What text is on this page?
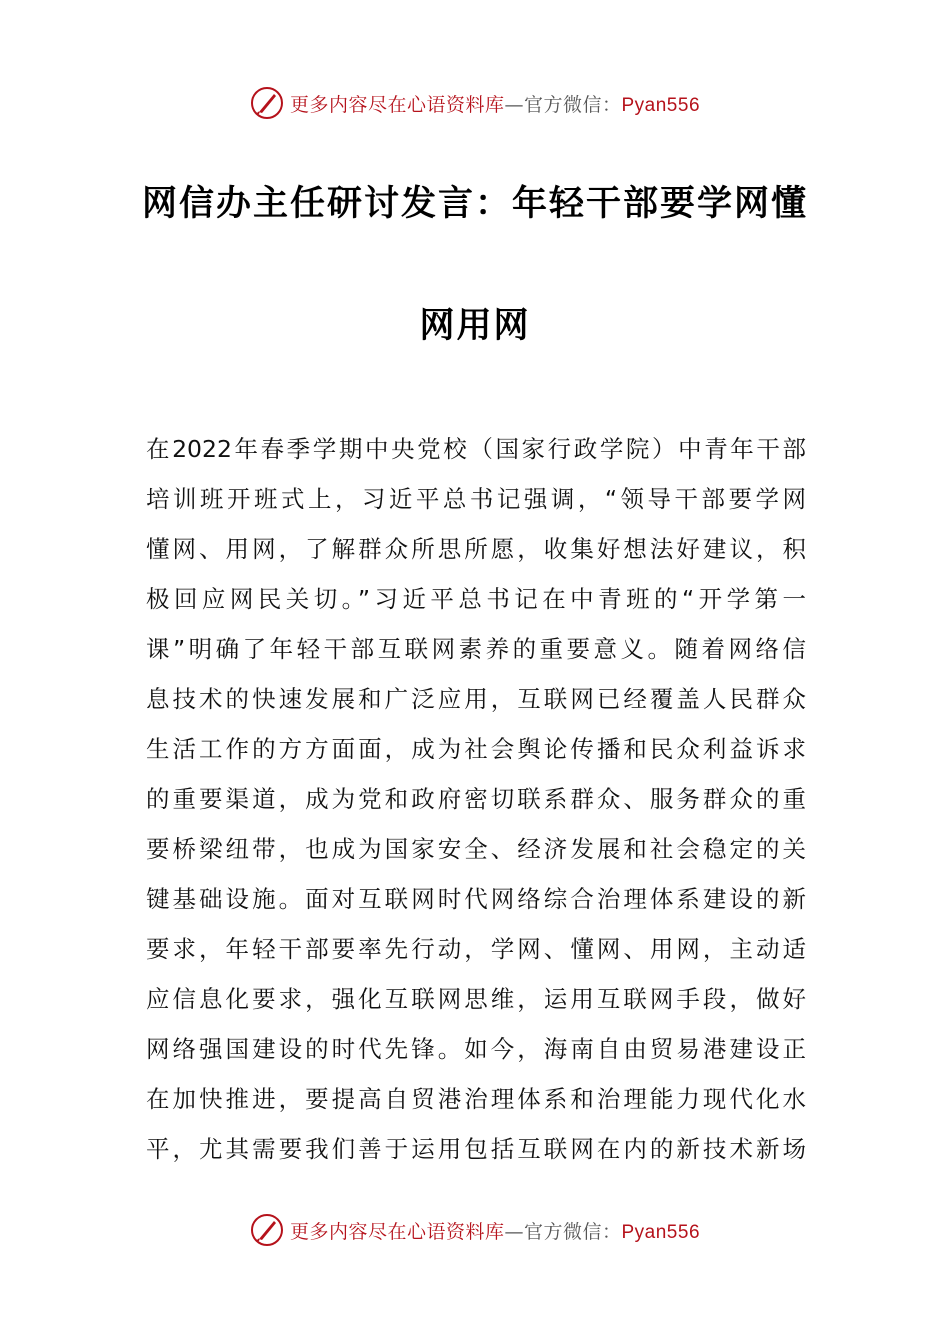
更多内容尽在心语资料库—官方微信：Pyan556
网信办主任研讨发言：年轻干部要学网懂
网用网
在2022年春季学期中央党校（国家行政学院）中青年干部
培训班开班式上，习近平总书记强调，“领导干部要学网
懂网、用网，了解群众所思所愿，收集好想法好建议，积
极回应网民关切。”习近平总书记在中青班的“开学第一
课”明确了年轻干部互联网素养的重要意义。随着网络信
息技术的快速发展和广泛应用，互联网已经覆盖人民群众
生活工作的方方面面，成为社会舆论传播和民众利益诉求
的重要渠道，成为党和政府密切联系群众、服务群众的重
要桥梁纽带，也成为国家安全、经济发展和社会稳定的关
键基础设施。面对互联网时代网络综合治理体系建设的新
要求，年轻干部要率先行动，学网、懂网、用网，主动适
应信息化要求，强化互联网思维，运用互联网手段，做好
网络强国建设的时代先锋。如今，海南自由贸易港建设正
在加快推进，要提高自贸港治理体系和治理能力现代化水
平，尤其需要我们善于运用包括互联网在内的新技术新场
更多内容尽在心语资料库—官方微信：Pyan556
